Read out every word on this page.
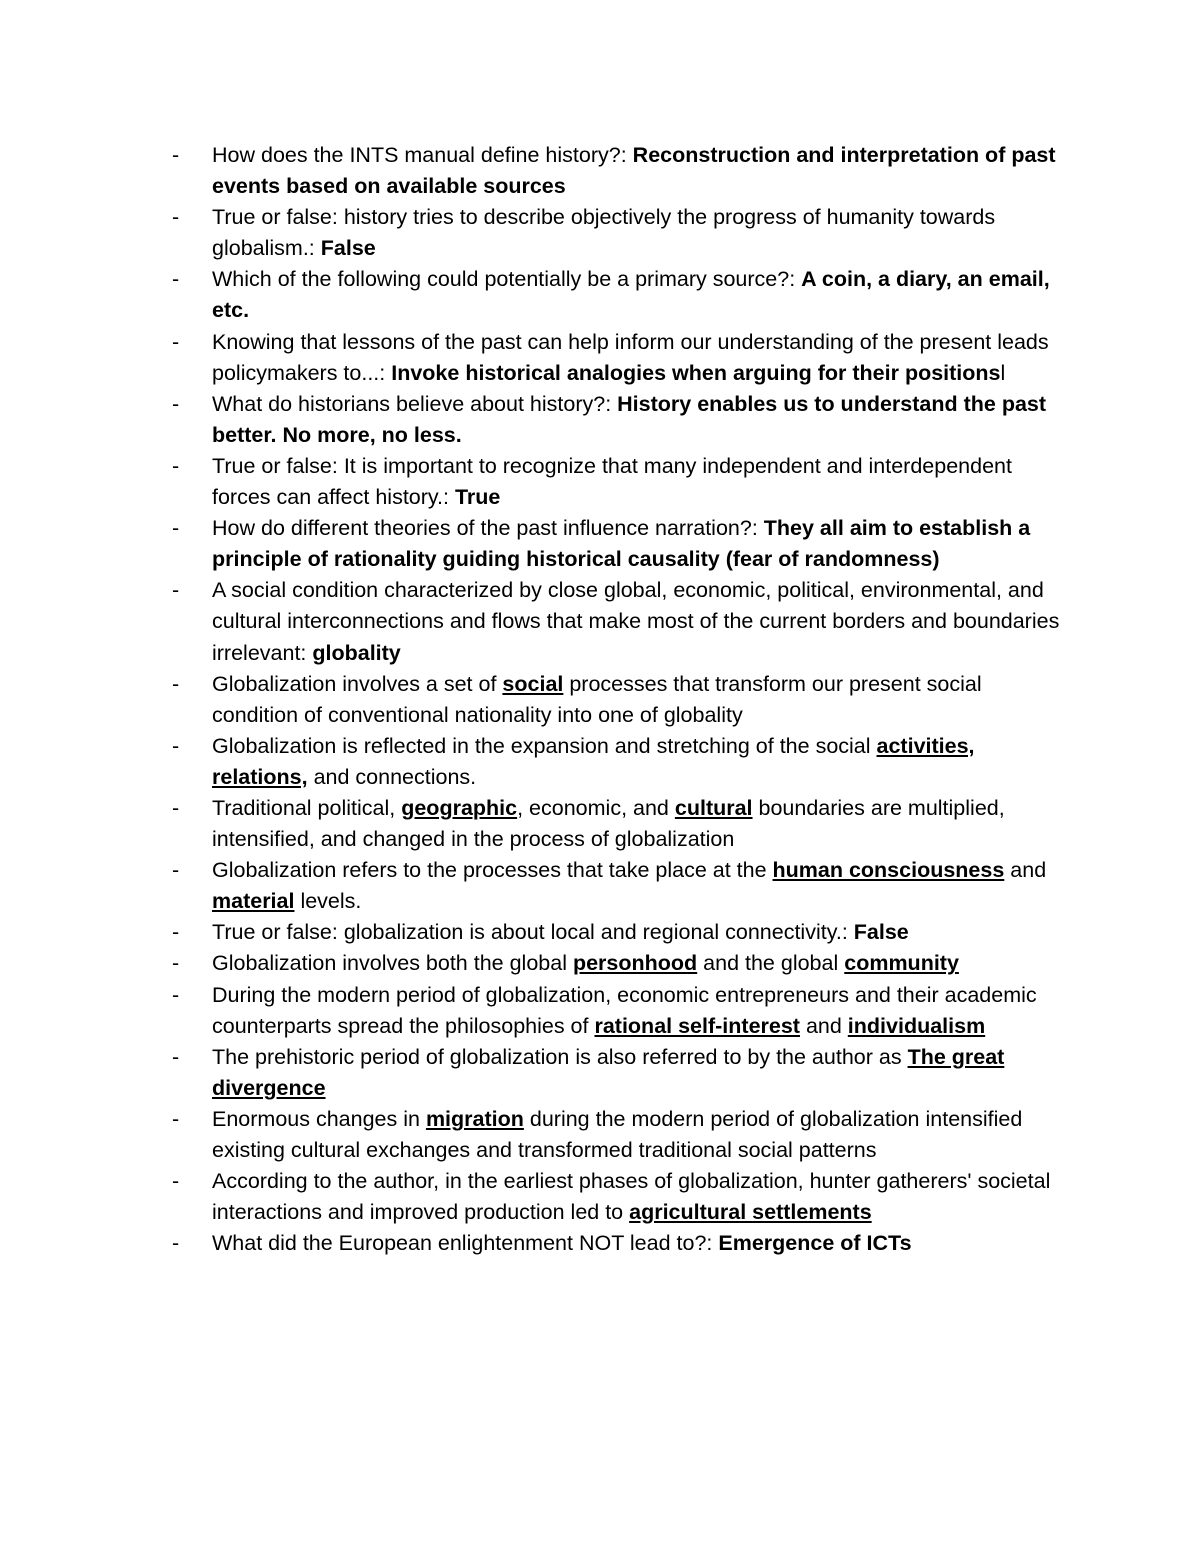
-	How does the INTS manual define history?: Reconstruction and interpretation of past events based on available sources
-	True or false: history tries to describe objectively the progress of humanity towards globalism.: False
-	Which of the following could potentially be a primary source?: A coin, a diary, an email, etc.
-	Knowing that lessons of the past can help inform our understanding of the present leads policymakers to...: Invoke historical analogies when arguing for their positionsl
-	What do historians believe about history?: History enables us to understand the past better. No more, no less.
-	True or false: It is important to recognize that many independent and interdependent forces can affect history.: True
-	How do different theories of the past influence narration?: They all aim to establish a principle of rationality guiding historical causality (fear of randomness)
-	A social condition characterized by close global, economic, political, environmental, and cultural interconnections and flows that make most of the current borders and boundaries irrelevant: globality
-	Globalization involves a set of social processes that transform our present social condition of conventional nationality into one of globality
-	Globalization is reflected in the expansion and stretching of the social activities, relations, and connections.
-	Traditional political, geographic, economic, and cultural boundaries are multiplied, intensified, and changed in the process of globalization
-	Globalization refers to the processes that take place at the human consciousness and material levels.
-	True or false: globalization is about local and regional connectivity.: False
-	Globalization involves both the global personhood and the global community
-	During the modern period of globalization, economic entrepreneurs and their academic counterparts spread the philosophies of rational self-interest and individualism
-	The prehistoric period of globalization is also referred to by the author as The great divergence
-	Enormous changes in migration during the modern period of globalization intensified existing cultural exchanges and transformed traditional social patterns
-	According to the author, in the earliest phases of globalization, hunter gatherers' societal interactions and improved production led to agricultural settlements
-	What did the European enlightenment NOT lead to?: Emergence of ICTs
